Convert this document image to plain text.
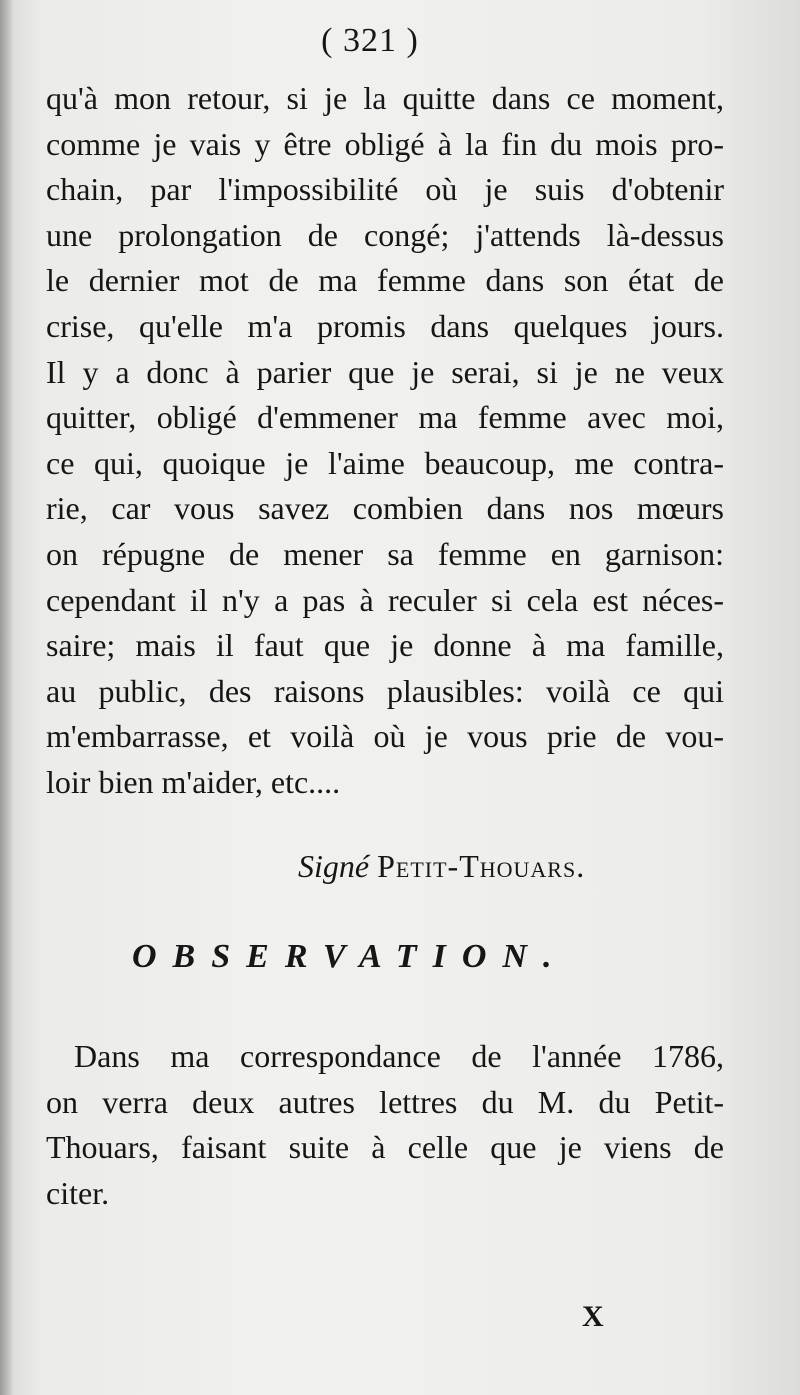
( 321 )
qu'à mon retour, si je la quitte dans ce moment,
comme je vais y être obligé à la fin du mois pro-
chain, par l'impossibilité où je suis d'obtenir
une prolongation de congé; j'attends là-dessus
le dernier mot de ma femme dans son état de
crise, qu'elle m'a promis dans quelques jours.
Il y a donc à parier que je serai, si je ne veux
quitter, obligé d'emmener ma femme avec moi,
ce qui, quoique je l'aime beaucoup, me contra-
rie, car vous savez combien dans nos mœurs
on répugne de mener sa femme en garnison:
cependant il n'y a pas à reculer si cela est néces-
saire; mais il faut que je donne à ma famille,
au public, des raisons plausibles: voilà ce qui
m'embarrasse, et voilà où je vous prie de vou-
loir bien m'aider, etc....
Signé Petit-Thouars.
OBSERVATION.
Dans ma correspondance de l'année 1786,
on verra deux autres lettres du M. du Petit-
Thouars, faisant suite à celle que je viens de
citer.
X
